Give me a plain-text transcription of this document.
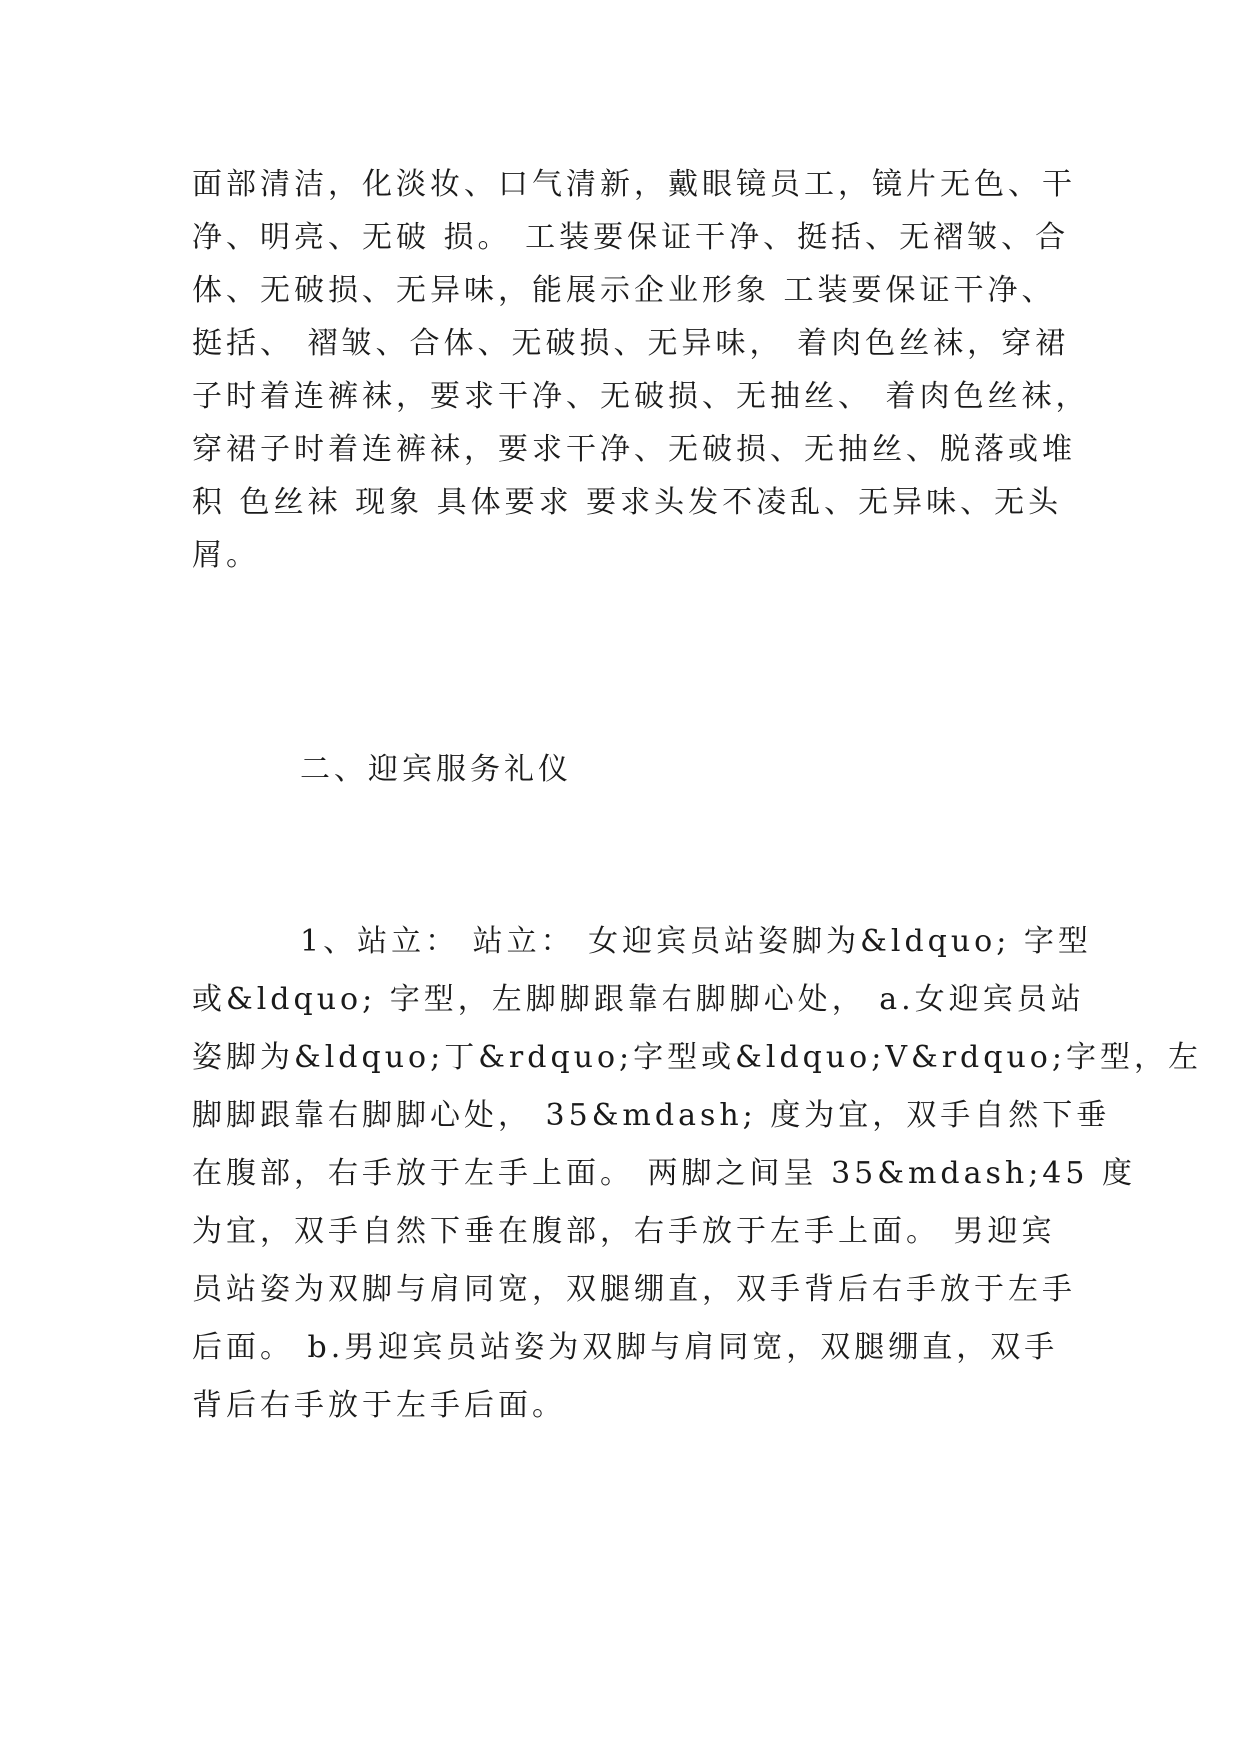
面部清洁，化淡妆、口气清新，戴眼镜员工，镜片无色、干
净、明亮、无破 损。 工装要保证干净、挺括、无褶皱、合
体、无破损、无异味，能展示企业形象 工装要保证干净、
挺括、 褶皱、合体、无破损、无异味， 着肉色丝袜，穿裙
子时着连裤袜，要求干净、无破损、无抽丝、 着肉色丝袜，
穿裙子时着连裤袜，要求干净、无破损、无抽丝、脱落或堆
积 色丝袜 现象 具体要求 要求头发不凌乱、无异味、无头
屑。
二、迎宾服务礼仪
1、站立： 站立： 女迎宾员站姿脚为&ldquo; 字型
或&ldquo; 字型，左脚脚跟靠右脚脚心处， a.女迎宾员站
姿脚为&ldquo;丁&rdquo;字型或&ldquo;V&rdquo;字型，左
脚脚跟靠右脚脚心处， 35&mdash; 度为宜，双手自然下垂
在腹部，右手放于左手上面。 两脚之间呈 35&mdash;45 度
为宜，双手自然下垂在腹部，右手放于左手上面。 男迎宾
员站姿为双脚与肩同宽，双腿绷直，双手背后右手放于左手
后面。 b.男迎宾员站姿为双脚与肩同宽，双腿绷直，双手
背后右手放于左手后面。
